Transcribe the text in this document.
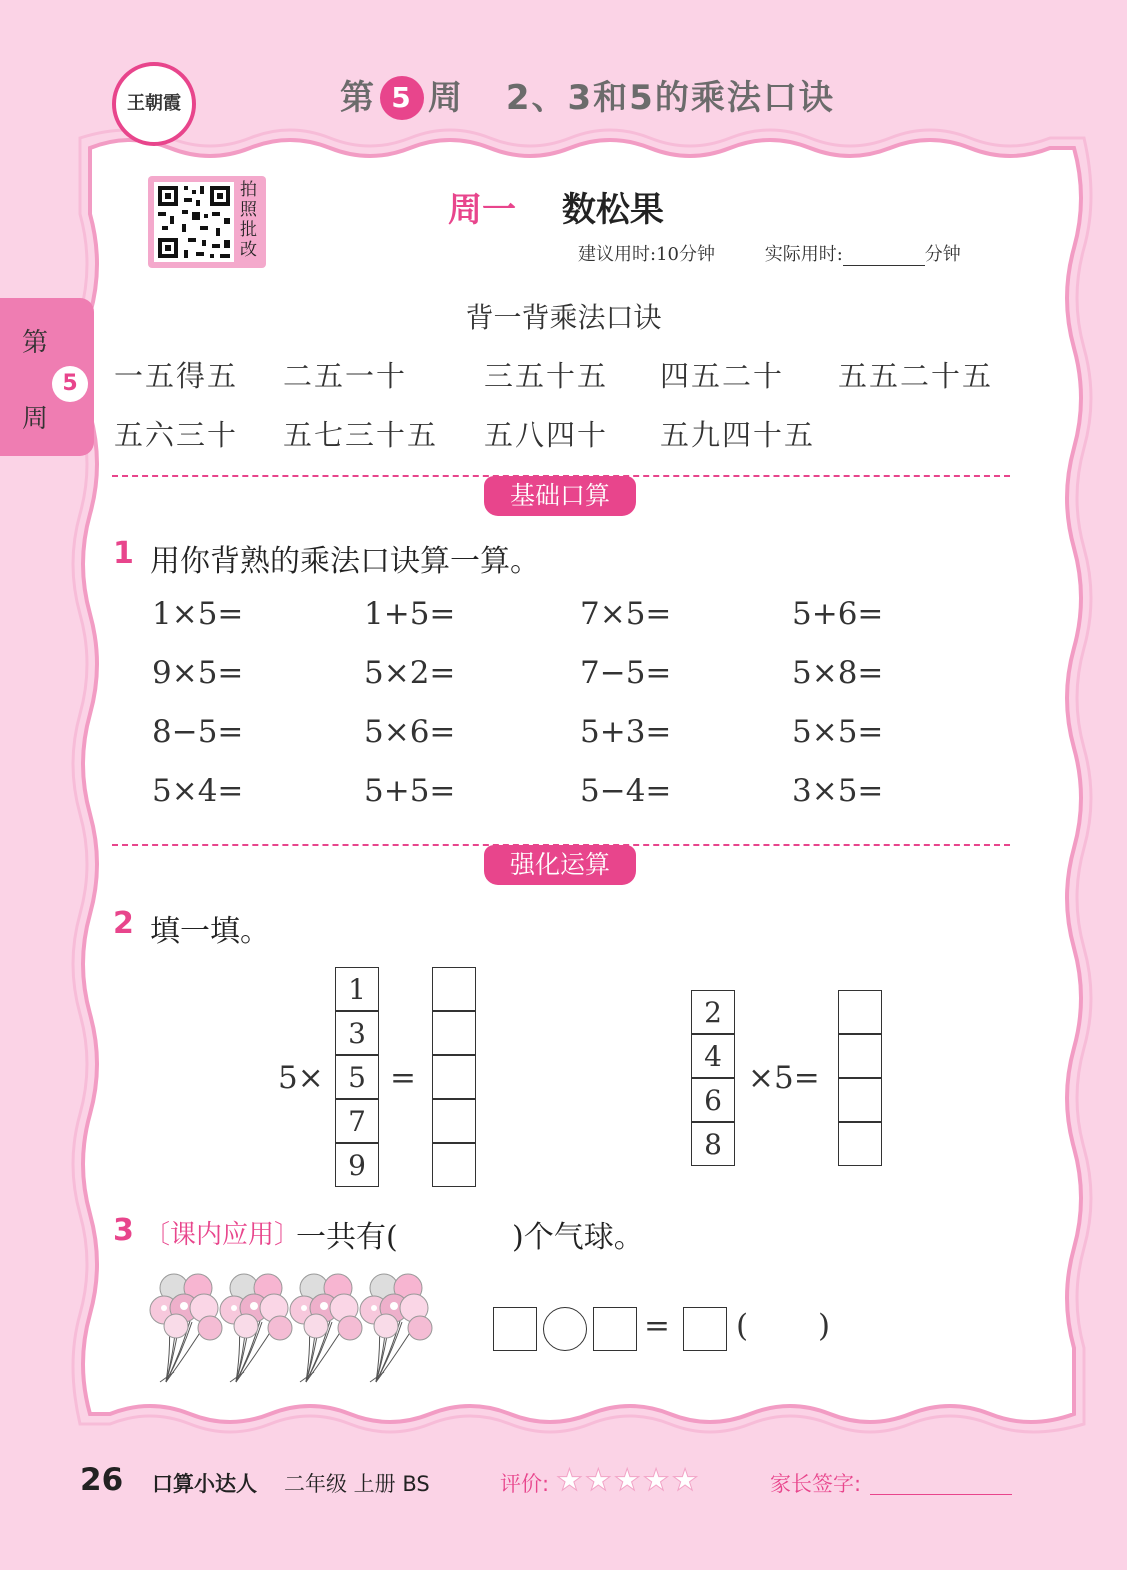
王朝霞	第 5 周 2、3和5的乘法口诀
第
周
5
拍照批改
周一 数松果
建议用时:10分钟	实际用时:	分钟
背一背乘法口诀
一五得五 二五一十	三五十五 四五二十 五五二十五
五六三十 五七三十五 五八四十 五九四十五
基础口算
1 用你背熟的乘法口诀算一算。
1×5=	1+5=	7×5=	5+6=
9×5=	5×2=	7−5=	5×8=
8−5=	5×6=	5+3=	5×5=
5×4=	5+5=	5−4=	3×5=
强化运算
2 填一填。
5×
1
3
5
7
9
=
2
4
6
8
×5=
3 〔课内应用〕
一共有(	)个气球。
= ( )
26 口算小达人 二年级 上册 BS	评价: ★★★★★	家长签字:
